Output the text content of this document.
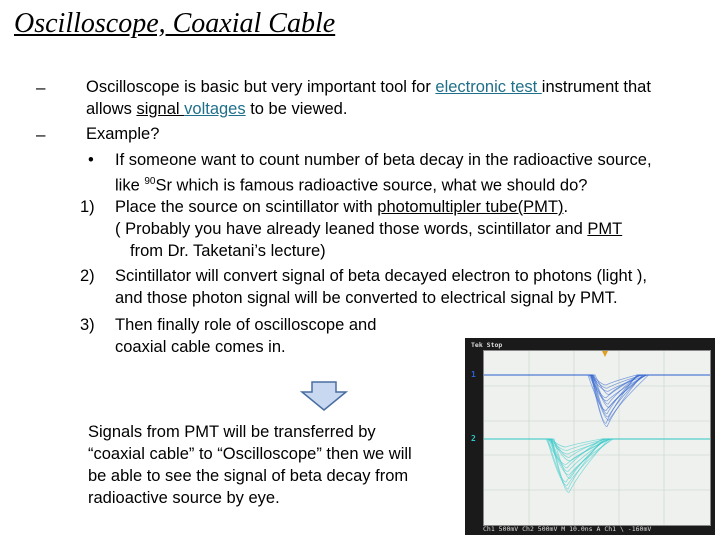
Oscilloscope, Coaxial Cable
– Oscilloscope is basic but very important tool for electronic test instrument that
allows signal voltages to be viewed.
– Example?
• If someone want to count number of beta decay in the radioactive source,
like $^{90}$Sr which is famous radioactive source, what we should do?
1) Place the source on scintillator with photomultipler tube(PMT).
( Probably you have already leaned those words, scintillator and PMT
from Dr. Taketani’s lecture)
2) Scintillator will convert signal of beta decayed electron to photons (light ),
and those photon signal will be converted to electrical signal by PMT.
3) Then finally role of oscilloscope and
coaxial cable comes in.
Signals from PMT will be transferred by “coaxial cable” to “Oscilloscope” then we will be able to see the signal of beta decay from radioactive source by eye.
Tek Stop
1
2
Ch1 500mV Ch2 500mV M 10.0ns A Ch1 \ -160mV
